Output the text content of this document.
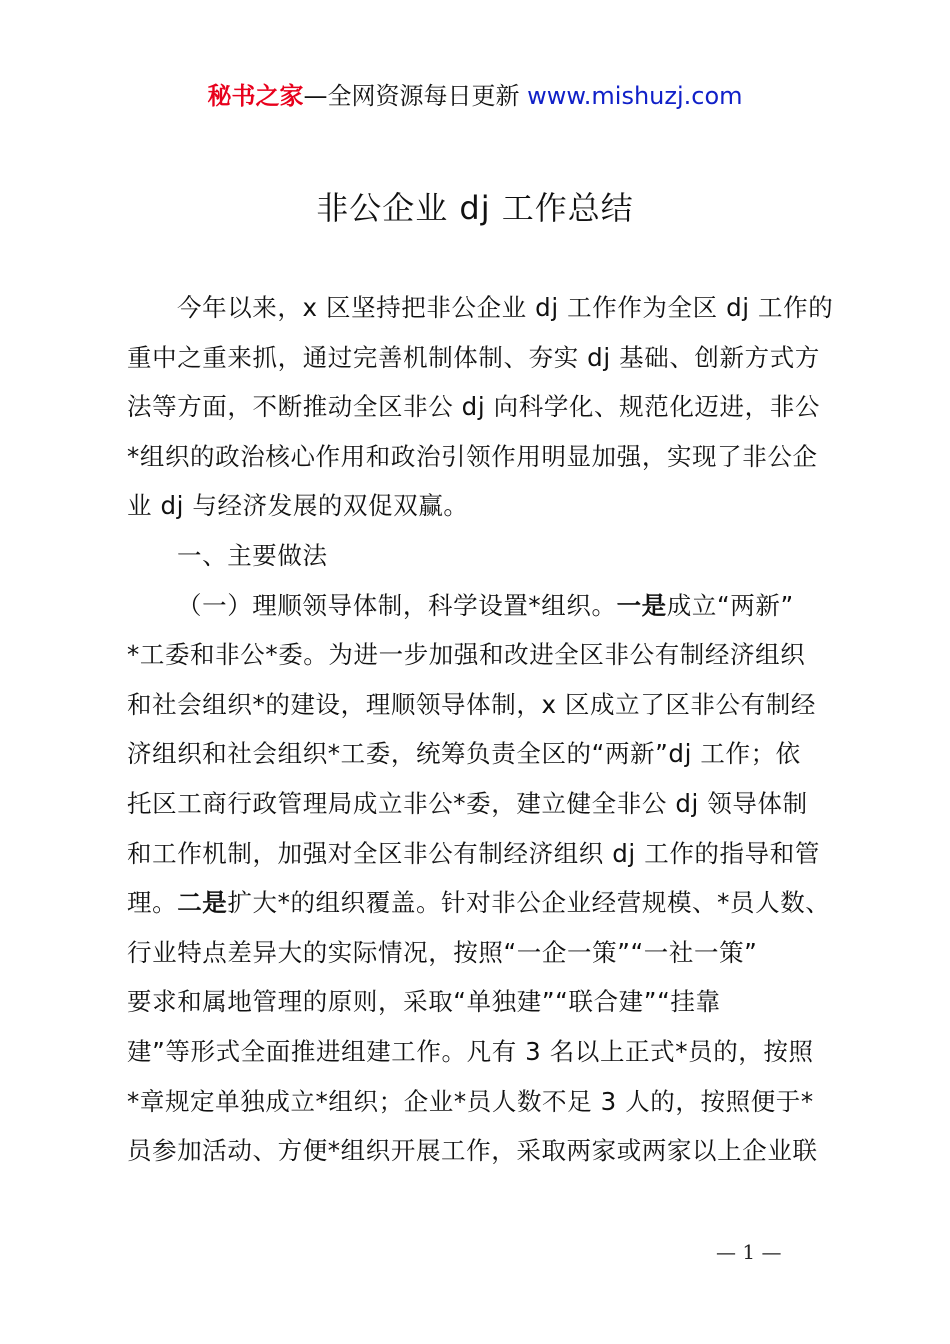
秘书之家—全网资源每日更新 www.mishuzj.com
非公企业 dj 工作总结
今年以来，x 区坚持把非公企业 dj 工作作为全区 dj 工作的
重中之重来抓，通过完善机制体制、夯实 dj 基础、创新方式方
法等方面，不断推动全区非公 dj 向科学化、规范化迈进，非公
*组织的政治核心作用和政治引领作用明显加强，实现了非公企
业 dj 与经济发展的双促双赢。
一、主要做法
（一）理顺领导体制，科学设置*组织。一是成立“两新”
*工委和非公*委。为进一步加强和改进全区非公有制经济组织
和社会组织*的建设，理顺领导体制，x 区成立了区非公有制经
济组织和社会组织*工委，统筹负责全区的“两新”dj 工作；依
托区工商行政管理局成立非公*委，建立健全非公 dj 领导体制
和工作机制，加强对全区非公有制经济组织 dj 工作的指导和管
理。二是扩大*的组织覆盖。针对非公企业经营规模、*员人数、
行业特点差异大的实际情况，按照“一企一策”“一社一策”
要求和属地管理的原则，采取“单独建”“联合建”“挂靠
建”等形式全面推进组建工作。凡有 3 名以上正式*员的，按照
*章规定单独成立*组织；企业*员人数不足 3 人的，按照便于*
员参加活动、方便*组织开展工作，采取两家或两家以上企业联
— 1 —
